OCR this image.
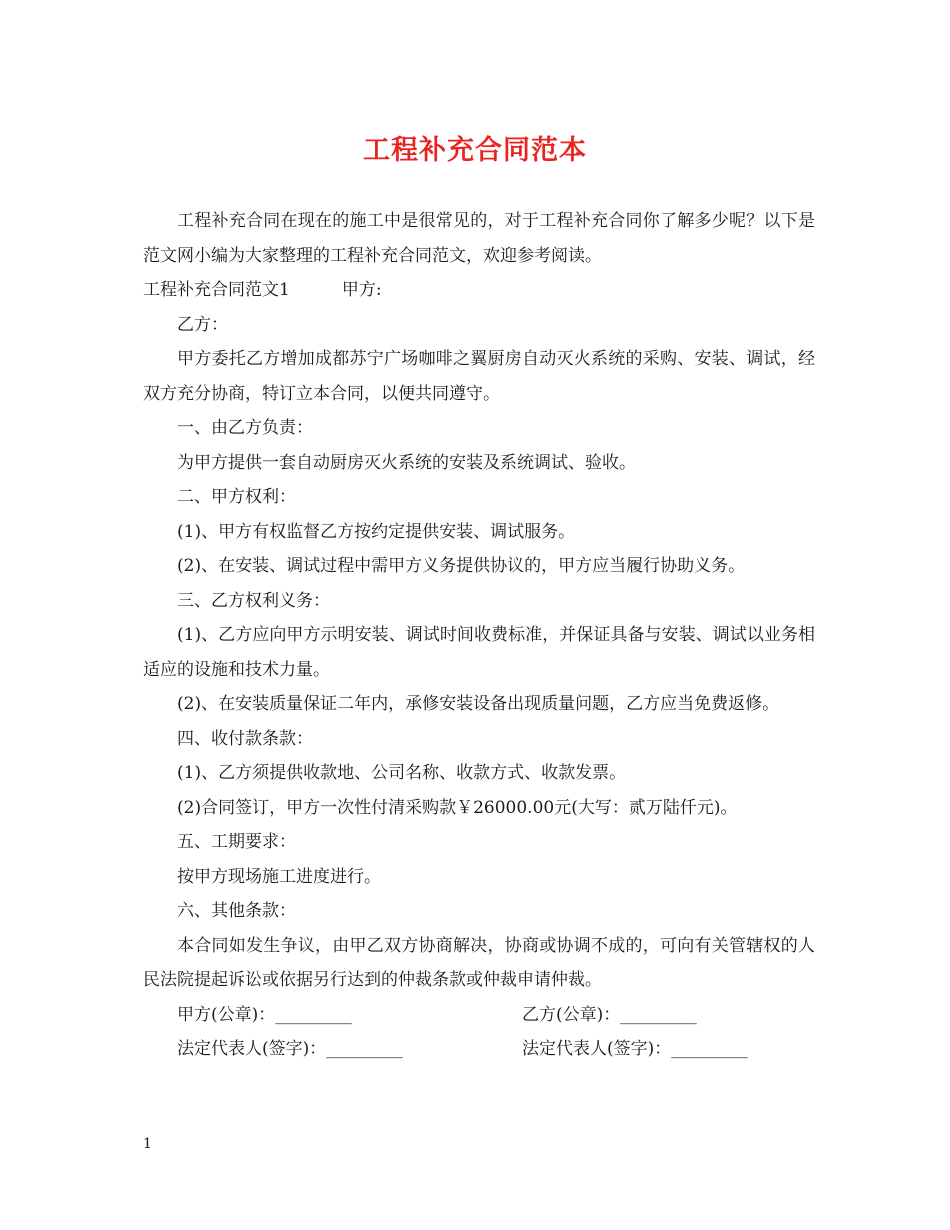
工程补充合同范本

工程补充合同在现在的施工中是很常见的，对于工程补充合同你了解多少呢？以下是范文网小编为大家整理的工程补充合同范文，欢迎参考阅读。

工程补充合同范文1	甲方:

乙方：

甲方委托乙方增加成都苏宁广场咖啡之翼厨房自动灭火系统的采购、安装、调试，经双方充分协商，特订立本合同，以便共同遵守。

一、由乙方负责：

为甲方提供一套自动厨房灭火系统的安装及系统调试、验收。

二、甲方权利：

(1)、甲方有权监督乙方按约定提供安装、调试服务。

(2)、在安装、调试过程中需甲方义务提供协议的，甲方应当履行协助义务。

三、乙方权利义务：

(1)、乙方应向甲方示明安装、调试时间收费标准，并保证具备与安装、调试以业务相适应的设施和技术力量。

(2)、在安装质量保证二年内，承修安装设备出现质量问题，乙方应当免费返修。

四、收付款条款：

(1)、乙方须提供收款地、公司名称、收款方式、收款发票。

(2)合同签订，甲方一次性付清采购款￥26000.00元(大写：贰万陆仟元)。

五、工期要求：

按甲方现场施工进度进行。

六、其他条款：

本合同如发生争议，由甲乙双方协商解决，协商或协调不成的，可向有关管辖权的人民法院提起诉讼或依据另行达到的仲裁条款或仲裁申请仲裁。

甲方(公章)：_________	乙方(公章)：_________
法定代表人(签字)：_________	法定代表人(签字)：_________
1
